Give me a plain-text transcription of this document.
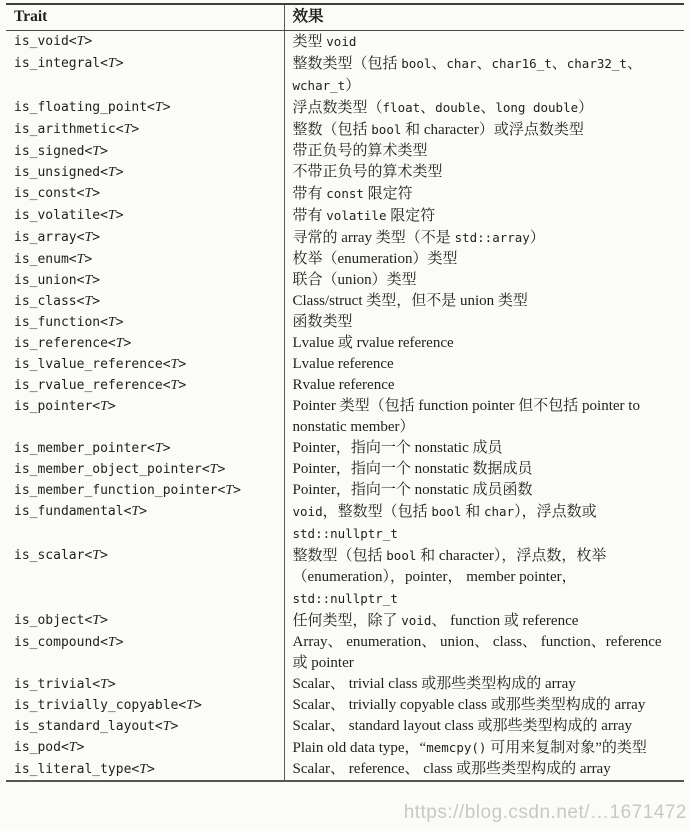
https://blog.csdn.net/…1671472
Trait	效果
is_void<T>	类型 void
is_integral<T>	整数类型（包括 bool、char、char16_t、char32_t、wchar_t）
is_floating_point<T>	浮点数类型（float、double、long double）
is_arithmetic<T>	整数（包括 bool 和 character）或浮点数类型
is_signed<T>	带正负号的算术类型
is_unsigned<T>	不带正负号的算术类型
is_const<T>	带有 const 限定符
is_volatile<T>	带有 volatile 限定符
is_array<T>	寻常的 array 类型（不是 std::array）
is_enum<T>	枚举（enumeration）类型
is_union<T>	联合（union）类型
is_class<T>	Class/struct 类型，但不是 union 类型
is_function<T>	函数类型
is_reference<T>	Lvalue 或 rvalue reference
is_lvalue_reference<T>	Lvalue reference
is_rvalue_reference<T>	Rvalue reference
is_pointer<T>	Pointer 类型（包括 function pointer 但不包括 pointer to nonstatic member）
is_member_pointer<T>	Pointer，指向一个 nonstatic 成员
is_member_object_pointer<T>	Pointer，指向一个 nonstatic 数据成员
is_member_function_pointer<T>	Pointer，指向一个 nonstatic 成员函数
is_fundamental<T>	void，整数型（包括 bool 和 char），浮点数或std::nullptr_t
is_scalar<T>	整数型（包括 bool 和 character），浮点数，枚举（enumeration），pointer， member pointer，std::nullptr_t
is_object<T>	任何类型，除了 void、 function 或 reference
is_compound<T>	Array、 enumeration、 union、 class、 function、reference 或 pointer
is_trivial<T>	Scalar、 trivial class 或那些类型构成的 array
is_trivially_copyable<T>	Scalar、 trivially copyable class 或那些类型构成的 array
is_standard_layout<T>	Scalar、 standard layout class 或那些类型构成的 array
is_pod<T>	Plain old data type，“memcpy() 可用来复制对象”的类型
is_literal_type<T>	Scalar、 reference、 class 或那些类型构成的 array
